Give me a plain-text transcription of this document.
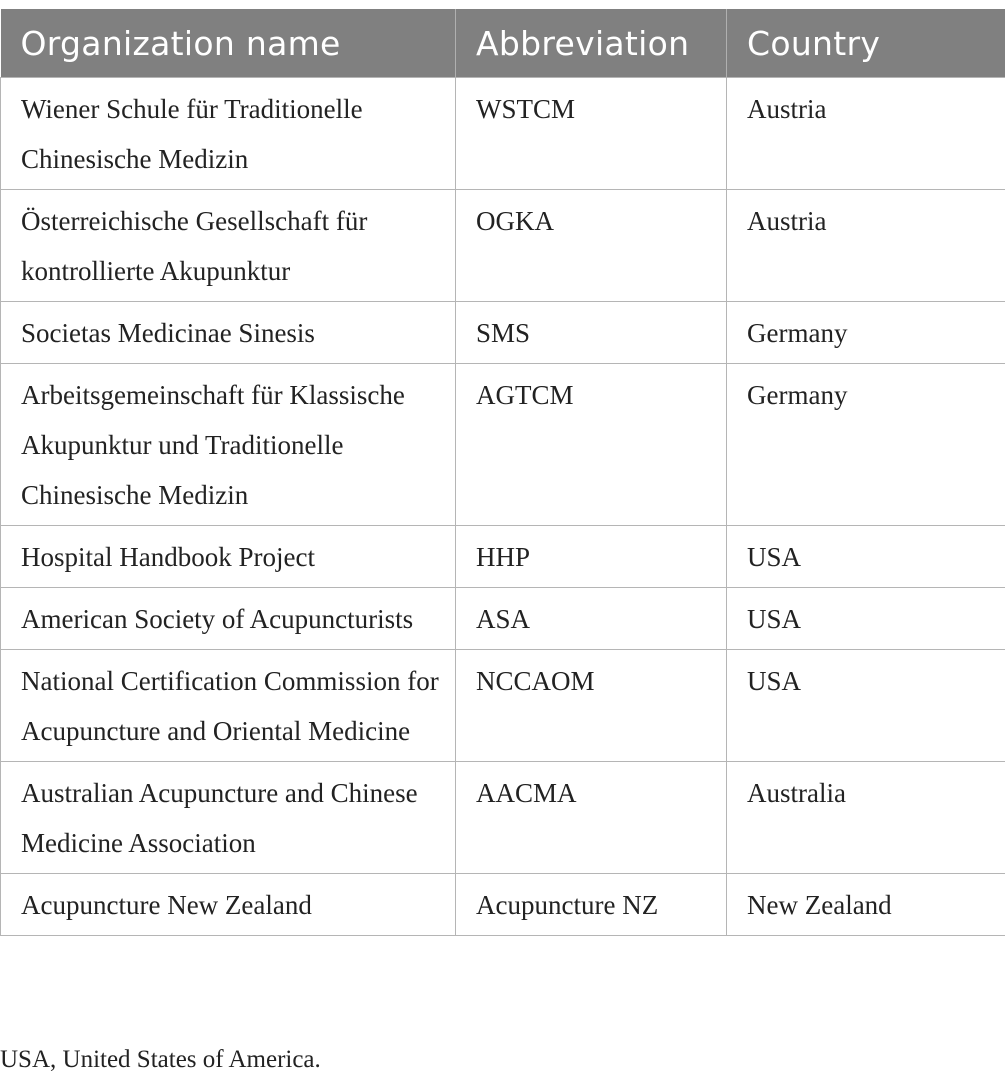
Organization name	Abbreviation	Country
Wiener Schule für Traditionelle Chinesische Medizin	WSTCM	Austria
Österreichische Gesellschaft für kontrollierte Akupunktur	OGKA	Austria
Societas Medicinae Sinesis	SMS	Germany
Arbeitsgemeinschaft für Klassische Akupunktur und Traditionelle Chinesische Medizin	AGTCM	Germany
Hospital Handbook Project	HHP	USA
American Society of Acupuncturists	ASA	USA
National Certification Commission for Acupuncture and Oriental Medicine	NCCAOM	USA
Australian Acupuncture and Chinese Medicine Association	AACMA	Australia
Acupuncture New Zealand	Acupuncture NZ	New Zealand
USA, United States of America.
